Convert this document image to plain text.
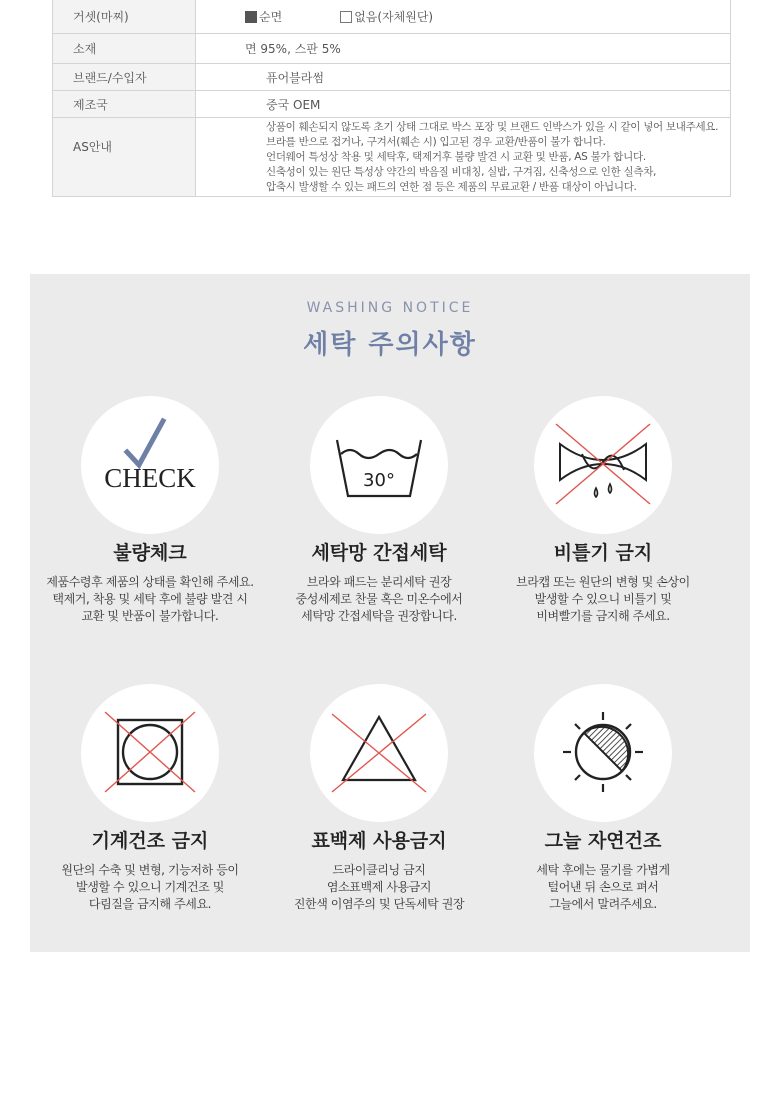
거셋(마찌)	순면	없음(자체원단)
소재	면 95%, 스판 5%
브랜드/수입자	퓨어블라썸
제조국	중국 OEM
AS안내
상품이 훼손되지 않도록 초기 상태 그대로 박스 포장 및 브랜드 인박스가 있을 시 같이 넣어 보내주세요.
브라를 반으로 접거나, 구겨서(훼손 시) 입고된 경우 교환/반품이 불가 합니다.
언더웨어 특성상 착용 및 세탁후, 택제거후 불량 발견 시 교환 및 반품, AS 불가 합니다.
신축성이 있는 원단 특성상 약간의 박음질 비대칭, 실밥, 구겨짐, 신축성으로 인한 실측차,
압축시 발생할 수 있는 패드의 연한 점 등은 제품의 무료교환 / 반품 대상이 아닙니다.
WASHING NOTICE
세탁 주의사항
CHECK
불량체크
제품수령후 제품의 상태를 확인해 주세요.
택제거, 착용 및 세탁 후에 불량 발견 시
교환 및 반품이 불가합니다.
30°
세탁망 간접세탁
브라와 패드는 분리세탁 권장
중성세제로 찬물 혹은 미온수에서
세탁망 간접세탁을 권장합니다.
비틀기 금지
브라캡 또는 원단의 변형 및 손상이
발생할 수 있으니 비틀기 및
비벼빨기를 금지해 주세요.
기계건조 금지
원단의 수축 및 변형, 기능저하 등이
발생할 수 있으니 기계건조 및
다림질을 금지해 주세요.
표백제 사용금지
드라이클리닝 금지
염소표백제 사용금지
진한색 이염주의 및 단독세탁 권장
그늘 자연건조
세탁 후에는 물기를 가볍게
털어낸 뒤 손으로 펴서
그늘에서 말려주세요.
